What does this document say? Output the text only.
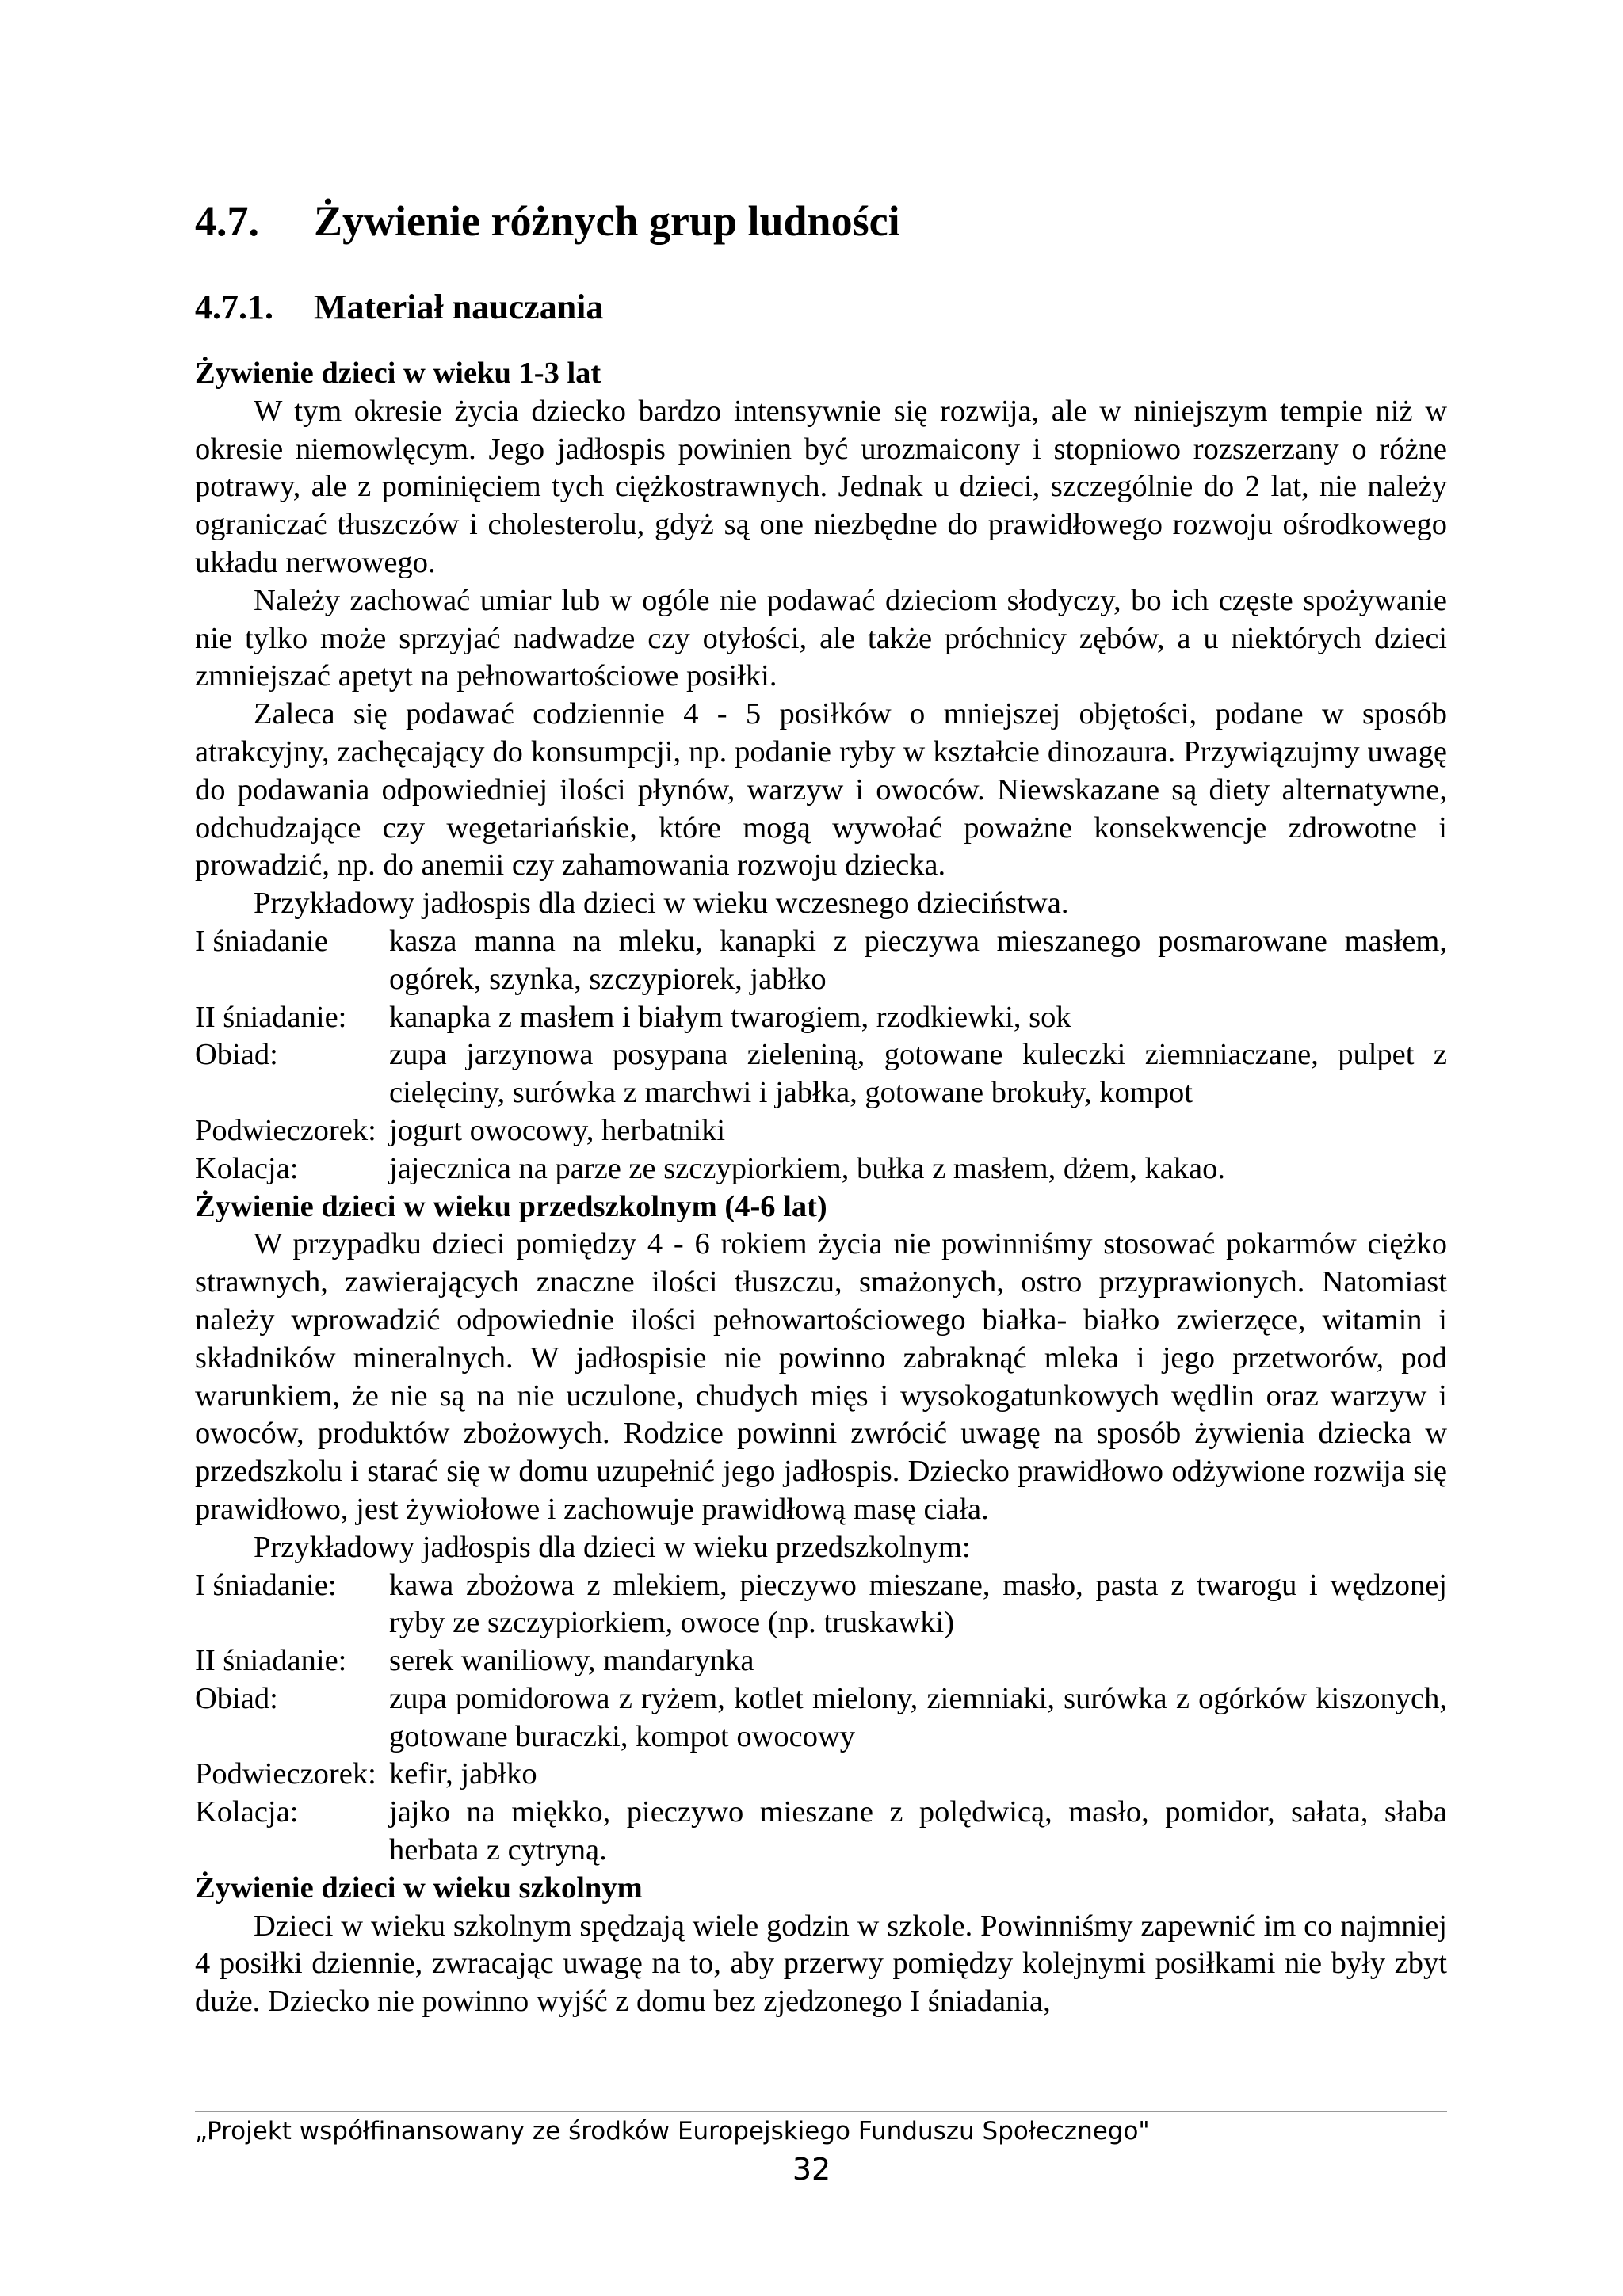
4.7. Żywienie różnych grup ludności
4.7.1. Materiał nauczania
Żywienie dzieci w wieku 1-3 lat

W tym okresie życia dziecko bardzo intensywnie się rozwija, ale w niniejszym tempie niż w okresie niemowlęcym. Jego jadłospis powinien być urozmaicony i stopniowo rozszerzany o różne potrawy, ale z pominięciem tych ciężkostrawnych. Jednak u dzieci, szczególnie do 2 lat, nie należy ograniczać tłuszczów i cholesterolu, gdyż są one niezbędne do prawidłowego rozwoju ośrodkowego układu nerwowego.

Należy zachować umiar lub w ogóle nie podawać dzieciom słodyczy, bo ich częste spożywanie nie tylko może sprzyjać nadwadze czy otyłości, ale także próchnicy zębów, a u niektórych dzieci zmniejszać apetyt na pełnowartościowe posiłki.

Zaleca się podawać codziennie 4 - 5 posiłków o mniejszej objętości, podane w sposób atrakcyjny, zachęcający do konsumpcji, np. podanie ryby w kształcie dinozaura. Przywiązujmy uwagę do podawania odpowiedniej ilości płynów, warzyw i owoców. Niewskazane są diety alternatywne, odchudzające czy wegetariańskie, które mogą wywołać poważne konsekwencje zdrowotne i prowadzić, np. do anemii czy zahamowania rozwoju dziecka.

Przykładowy jadłospis dla dzieci w wieku wczesnego dzieciństwa.

I śniadanie	kasza manna na mleku, kanapki z pieczywa mieszanego posmarowane masłem, ogórek, szynka, szczypiorek, jabłko
II śniadanie:	kanapka z masłem i białym twarogiem, rzodkiewki, sok
Obiad:	zupa jarzynowa posypana zieleniną, gotowane kuleczki ziemniaczane, pulpet z cielęciny, surówka z marchwi i jabłka, gotowane brokuły, kompot
Podwieczorek: jogurt owocowy, herbatniki
Kolacja:	jajecznica na parze ze szczypiorkiem, bułka z masłem, dżem, kakao.
Żywienie dzieci w wieku przedszkolnym (4-6 lat)

W przypadku dzieci pomiędzy 4 - 6 rokiem życia nie powinniśmy stosować pokarmów ciężko strawnych, zawierających znaczne ilości tłuszczu, smażonych, ostro przyprawionych. Natomiast należy wprowadzić odpowiednie ilości pełnowartościowego białka- białko zwierzęce, witamin i składników mineralnych. W jadłospisie nie powinno zabraknąć mleka i jego przetworów, pod warunkiem, że nie są na nie uczulone, chudych mięs i wysokogatunkowych wędlin oraz warzyw i owoców, produktów zbożowych. Rodzice powinni zwrócić uwagę na sposób żywienia dziecka w przedszkolu i starać się w domu uzupełnić jego jadłospis. Dziecko prawidłowo odżywione rozwija się prawidłowo, jest żywiołowe i zachowuje prawidłową masę ciała.

Przykładowy jadłospis dla dzieci w wieku przedszkolnym:

I śniadanie:	kawa zbożowa z mlekiem, pieczywo mieszane, masło, pasta z twarogu i wędzonej ryby ze szczypiorkiem, owoce (np. truskawki)
II śniadanie:	serek waniliowy, mandarynka
Obiad:	zupa pomidorowa z ryżem, kotlet mielony, ziemniaki, surówka z ogórków kiszonych, gotowane buraczki, kompot owocowy
Podwieczorek: kefir, jabłko
Kolacja:	jajko na miękko, pieczywo mieszane z polędwicą, masło, pomidor, sałata, słaba herbata z cytryną.
Żywienie dzieci w wieku szkolnym

Dzieci w wieku szkolnym spędzają wiele godzin w szkole. Powinniśmy zapewnić im co najmniej 4 posiłki dziennie, zwracając uwagę na to, aby przerwy pomiędzy kolejnymi posiłkami nie były zbyt duże. Dziecko nie powinno wyjść z domu bez zjedzonego I śniadania,

„Projekt współfinansowany ze środków Europejskiego Funduszu Społecznego"
32
